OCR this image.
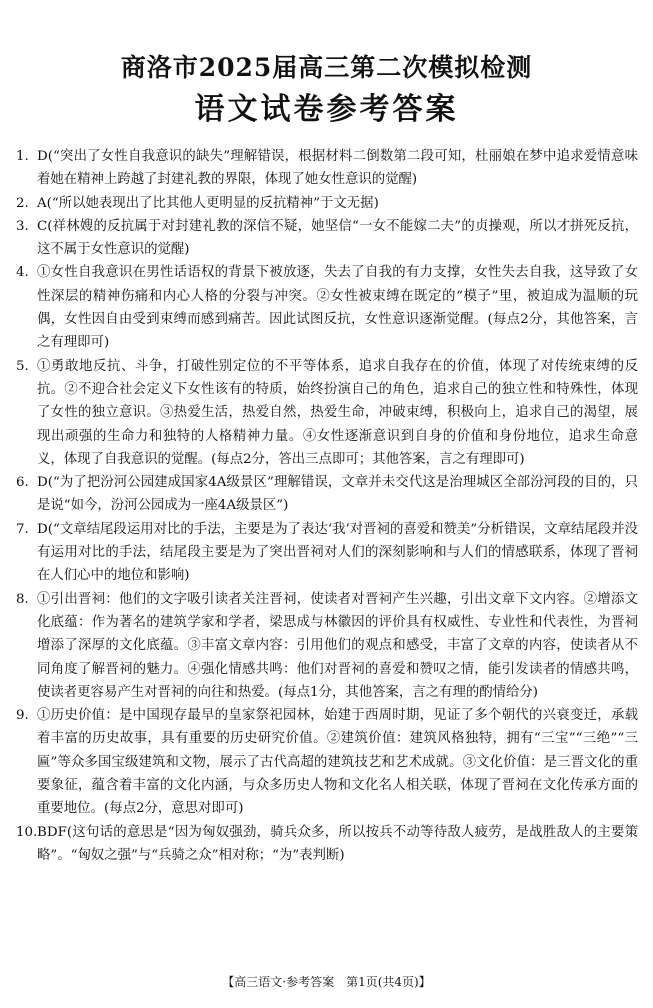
商洛市2025届高三第二次模拟检测
语文试卷参考答案
1. D(“突出了女性自我意识的缺失”理解错误，根据材料二倒数第二段可知，杜丽娘在梦中追求爱情意味着她在精神上跨越了封建礼教的界限，体现了她女性意识的觉醒)
2. A(“所以她表现出了比其他人更明显的反抗精神”于文无据)
3. C(祥林嫂的反抗属于对封建礼教的深信不疑，她坚信“一女不能嫁二夫”的贞操观，所以才拼死反抗，这不属于女性意识的觉醒)
4. ①女性自我意识在男性话语权的背景下被放逐，失去了自我的有力支撑，女性失去自我，这导致了女性深层的精神伤痛和内心人格的分裂与冲突。②女性被束缚在既定的“模子”里，被迫成为温顺的玩偶，女性因自由受到束缚而感到痛苦。因此试图反抗，女性意识逐渐觉醒。(每点2分，其他答案，言之有理即可)
5. ①勇敢地反抗、斗争，打破性别定位的不平等体系，追求自我存在的价值，体现了对传统束缚的反抗。②不迎合社会定义下女性该有的特质，始终扮演自己的角色，追求自己的独立性和特殊性，体现了女性的独立意识。③热爱生活，热爱自然，热爱生命，冲破束缚，积极向上，追求自己的渴望，展现出顽强的生命力和独特的人格精神力量。④女性逐渐意识到自身的价值和身份地位，追求生命意义，体现了自我意识的觉醒。(每点2分，答出三点即可；其他答案，言之有理即可)
6. D(“为了把汾河公园建成国家4A级景区”理解错误，文章并未交代这是治理城区全部汾河段的目的，只是说“如今，汾河公园成为一座4A级景区”)
7. D(“文章结尾段运用对比的手法，主要是为了表达‘我’对晋祠的喜爱和赞美”分析错误，文章结尾段并没有运用对比的手法，结尾段主要是为了突出晋祠对人们的深刻影响和与人们的情感联系，体现了晋祠在人们心中的地位和影响)
8. ①引出晋祠：他们的文字吸引读者关注晋祠，使读者对晋祠产生兴趣，引出文章下文内容。②增添文化底蕴：作为著名的建筑学家和学者，梁思成与林徽因的评价具有权威性、专业性和代表性，为晋祠增添了深厚的文化底蕴。③丰富文章内容：引用他们的观点和感受，丰富了文章的内容，使读者从不同角度了解晋祠的魅力。④强化情感共鸣：他们对晋祠的喜爱和赞叹之情，能引发读者的情感共鸣，使读者更容易产生对晋祠的向往和热爱。(每点1分，其他答案，言之有理的酌情给分)
9. ①历史价值：是中国现存最早的皇家祭祀园林，始建于西周时期，见证了多个朝代的兴衰变迁，承载着丰富的历史故事，具有重要的历史研究价值。②建筑价值：建筑风格独特，拥有“三宝”“三绝”“三匾”等众多国宝级建筑和文物，展示了古代高超的建筑技艺和艺术成就。③文化价值：是三晋文化的重要象征，蕴含着丰富的文化内涵，与众多历史人物和文化名人相关联，体现了晋祠在文化传承方面的重要地位。(每点2分，意思对即可)
10. BDF(这句话的意思是“因为匈奴强劲，骑兵众多，所以按兵不动等待敌人疲劳，是战胜敌人的主要策略”。“匈奴之强”与“兵骑之众”相对称；“为”表判断)
【高三语文·参考答案　第1页(共4页)】
